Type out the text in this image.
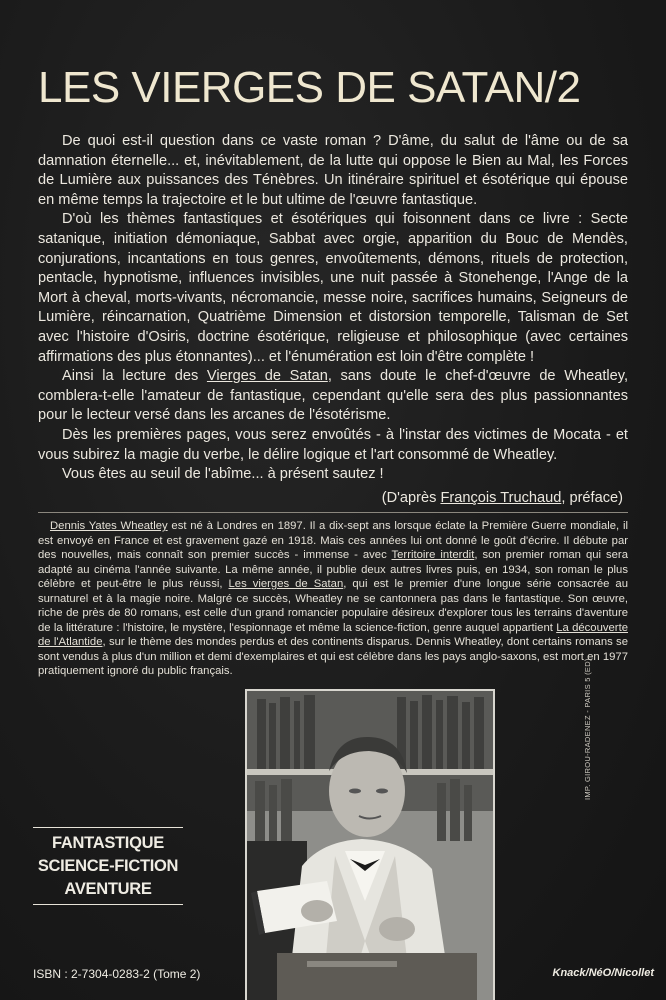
LES VIERGES DE SATAN/2

De quoi est-il question dans ce vaste roman ? D'âme, du salut de l'âme ou de sa damnation éternelle... et, inévitablement, de la lutte qui oppose le Bien au Mal, les Forces de Lumière aux puissances des Ténèbres. Un itinéraire spirituel et ésotérique qui épouse en même temps la trajectoire et le but ultime de l'œuvre fantastique.

D'où les thèmes fantastiques et ésotériques qui foisonnent dans ce livre : Secte satanique, initiation démoniaque, Sabbat avec orgie, apparition du Bouc de Mendès, conjurations, incantations en tous genres, envoûtements, démons, rituels de protection, pentacle, hypnotisme, influences invisibles, une nuit passée à Stonehenge, l'Ange de la Mort à cheval, morts-vivants, nécromancie, messe noire, sacrifices humains, Seigneurs de Lumière, réincarnation, Quatrième Dimension et distorsion temporelle, Talisman de Set avec l'histoire d'Osiris, doctrine ésotérique, religieuse et philosophique (avec certaines affirmations des plus étonnantes)... et l'énumération est loin d'être complète !

Ainsi la lecture des Vierges de Satan, sans doute le chef-d'œuvre de Wheatley, comblera-t-elle l'amateur de fantastique, cependant qu'elle sera des plus passionnantes pour le lecteur versé dans les arcanes de l'ésotérisme.

Dès les premières pages, vous serez envoûtés - à l'instar des victimes de Mocata - et vous subirez la magie du verbe, le délire logique et l'art consommé de Wheatley.

Vous êtes au seuil de l'abîme... à présent sautez !

(D'après François Truchaud, préface)

Dennis Yates Wheatley est né à Londres en 1897. Il a dix-sept ans lorsque éclate la Première Guerre mondiale, il est envoyé en France et est gravement gazé en 1918. Mais ces années lui ont donné le goût d'écrire. Il débute par des nouvelles, mais connaît son premier succès - immense - avec Territoire interdit, son premier roman qui sera adapté au cinéma l'année suivante. La même année, il publie deux autres livres puis, en 1934, son roman le plus célèbre et peut-être le plus réussi, Les vierges de Satan, qui est le premier d'une longue série consacrée au surnaturel et à la magie noire. Malgré ce succès, Wheatley ne se cantonnera pas dans le fantastique. Son œuvre, riche de près de 80 romans, est celle d'un grand romancier populaire désireux d'explorer tous les terrains d'aventure de la littérature : l'histoire, le mystère, l'espionnage et même la science-fiction, genre auquel appartient La découverte de l'Atlantide, sur le thème des mondes perdus et des continents disparus. Dennis Wheatley, dont certains romans se sont vendus à plus d'un million et demi d'exemplaires et qui est célèbre dans les pays anglo-saxons, est mort en 1977 pratiquement ignoré du public français.

FANTASTIQUE
SCIENCE-FICTION
AVENTURE
ISBN : 2-7304-0283-2 (Tome 2)	Knack/NéO/Nicollet
IMP. GIROU-RADENEZ - PARIS 5 (ED)
